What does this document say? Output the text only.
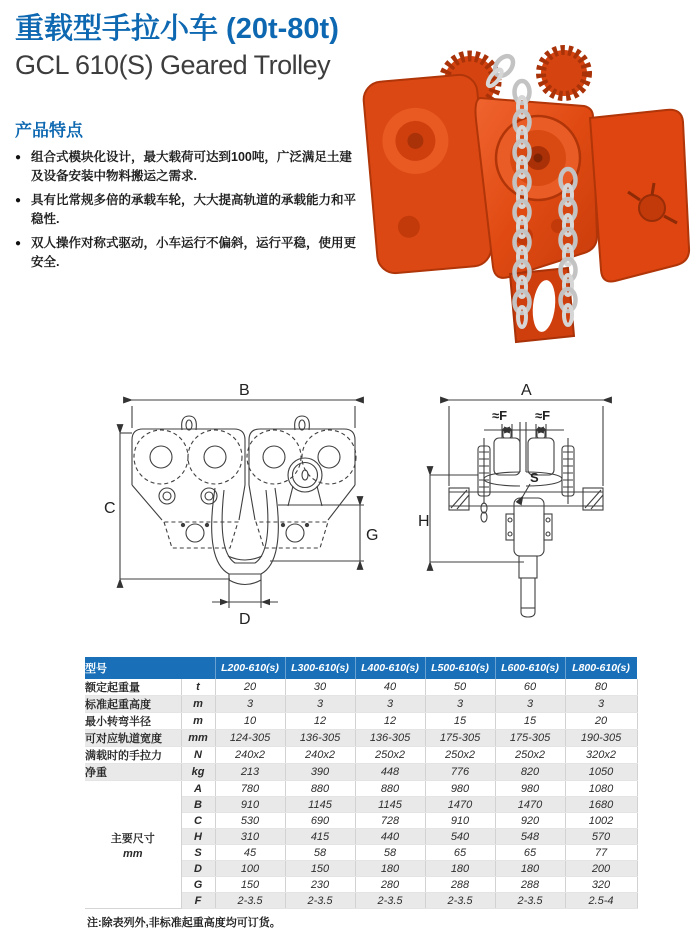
重载型手拉小车 (20t-80t)
GCL 610(S) Geared Trolley
产品特点
● 组合式模块化设计，最大载荷可达到100吨，广泛满足土建及设备安装中物料搬运之需求.
● 具有比常规多倍的承载车轮，大大提高轨道的承载能力和平稳性.
● 双人操作对称式驱动，小车运行不偏斜，运行平稳，使用更安全.
B
C
G
D
A
≈F ≈F
S
H
型号		L200-610(s)	L300-610(s)	L400-610(s)	L500-610(s)	L600-610(s)	L800-610(s)
额定起重量	t	20	30	40	50	60	80
标准起重高度	m	3	3	3	3	3	3
最小转弯半径	m	10	12	12	15	15	20
可对应轨道宽度	mm	124-305	136-305	136-305	175-305	175-305	190-305
满载时的手拉力	N	240x2	240x2	250x2	250x2	250x2	320x2
净重	kg	213	390	448	776	820	1050

主要尺寸
mm	A	780	880	880	980	980	1080
	B	910	1145	1145	1470	1470	1680
	C	530	690	728	910	920	1002
	H	310	415	440	540	548	570
	S	45	58	58	65	65	77
	D	100	150	180	180	180	200
	G	150	230	280	288	288	320
	F	2-3.5	2-3.5	2-3.5	2-3.5	2-3.5	2.5-4
注:除表列外,非标准起重高度均可订货。
